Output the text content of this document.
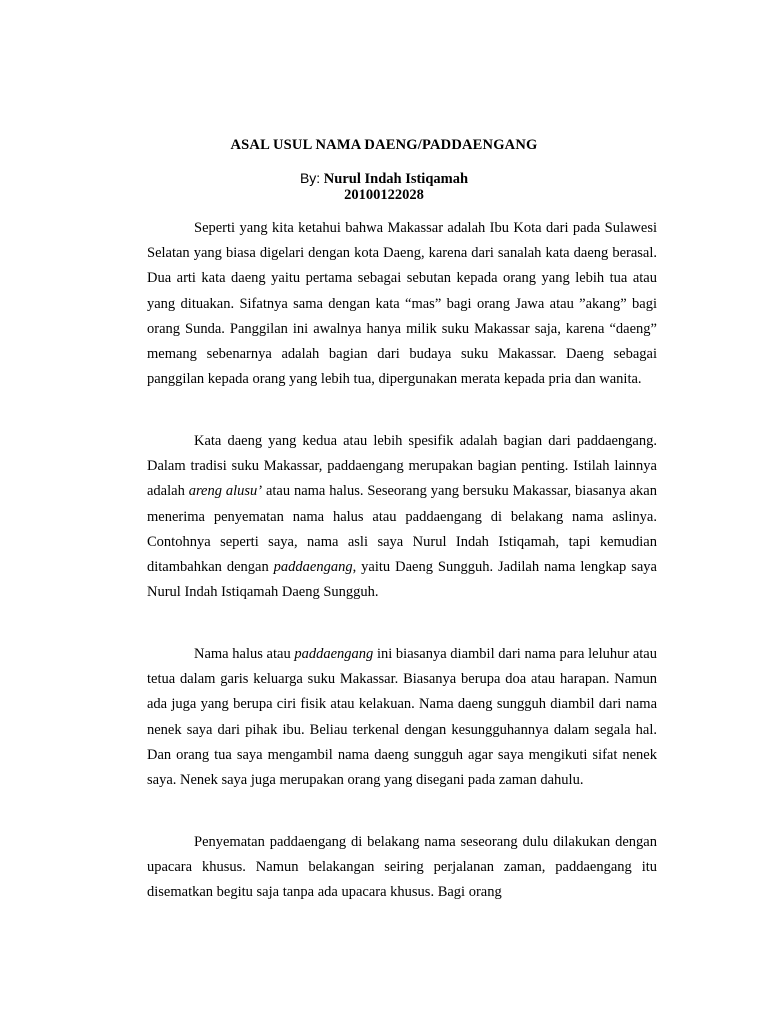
ASAL USUL NAMA DAENG/PADDAENGANG
By: Nurul Indah Istiqamah
20100122028

Seperti yang kita ketahui bahwa Makassar adalah Ibu Kota dari pada Sulawesi Selatan yang biasa digelari dengan kota Daeng, karena dari sanalah kata daeng berasal. Dua arti kata daeng yaitu pertama sebagai sebutan kepada orang yang lebih tua atau yang dituakan. Sifatnya sama dengan kata “mas” bagi orang Jawa atau ”akang” bagi orang Sunda. Panggilan ini awalnya hanya milik suku Makassar saja, karena “daeng” memang sebenarnya adalah bagian dari budaya suku Makassar. Daeng sebagai panggilan kepada orang yang lebih tua, dipergunakan merata kepada pria dan wanita.

Kata daeng yang kedua atau lebih spesifik adalah bagian dari paddaengang. Dalam tradisi suku Makassar, paddaengang merupakan bagian penting. Istilah lainnya adalah areng alusu’ atau nama halus. Seseorang yang bersuku Makassar, biasanya akan menerima penyematan nama halus atau paddaengang di belakang nama aslinya. Contohnya seperti saya, nama asli saya Nurul Indah Istiqamah, tapi kemudian ditambahkan dengan paddaengang, yaitu Daeng Sungguh. Jadilah nama lengkap saya Nurul Indah Istiqamah Daeng Sungguh.

Nama halus atau paddaengang ini biasanya diambil dari nama para leluhur atau tetua dalam garis keluarga suku Makassar. Biasanya berupa doa atau harapan. Namun ada juga yang berupa ciri fisik atau kelakuan. Nama daeng sungguh diambil dari nama nenek saya dari pihak ibu. Beliau terkenal dengan kesungguhannya dalam segala hal. Dan orang tua saya mengambil nama daeng sungguh agar saya mengikuti sifat nenek saya. Nenek saya juga merupakan orang yang disegani pada zaman dahulu.

Penyematan paddaengang di belakang nama seseorang dulu dilakukan dengan upacara khusus. Namun belakangan seiring perjalanan zaman, paddaengang itu disematkan begitu saja tanpa ada upacara khusus. Bagi orang
